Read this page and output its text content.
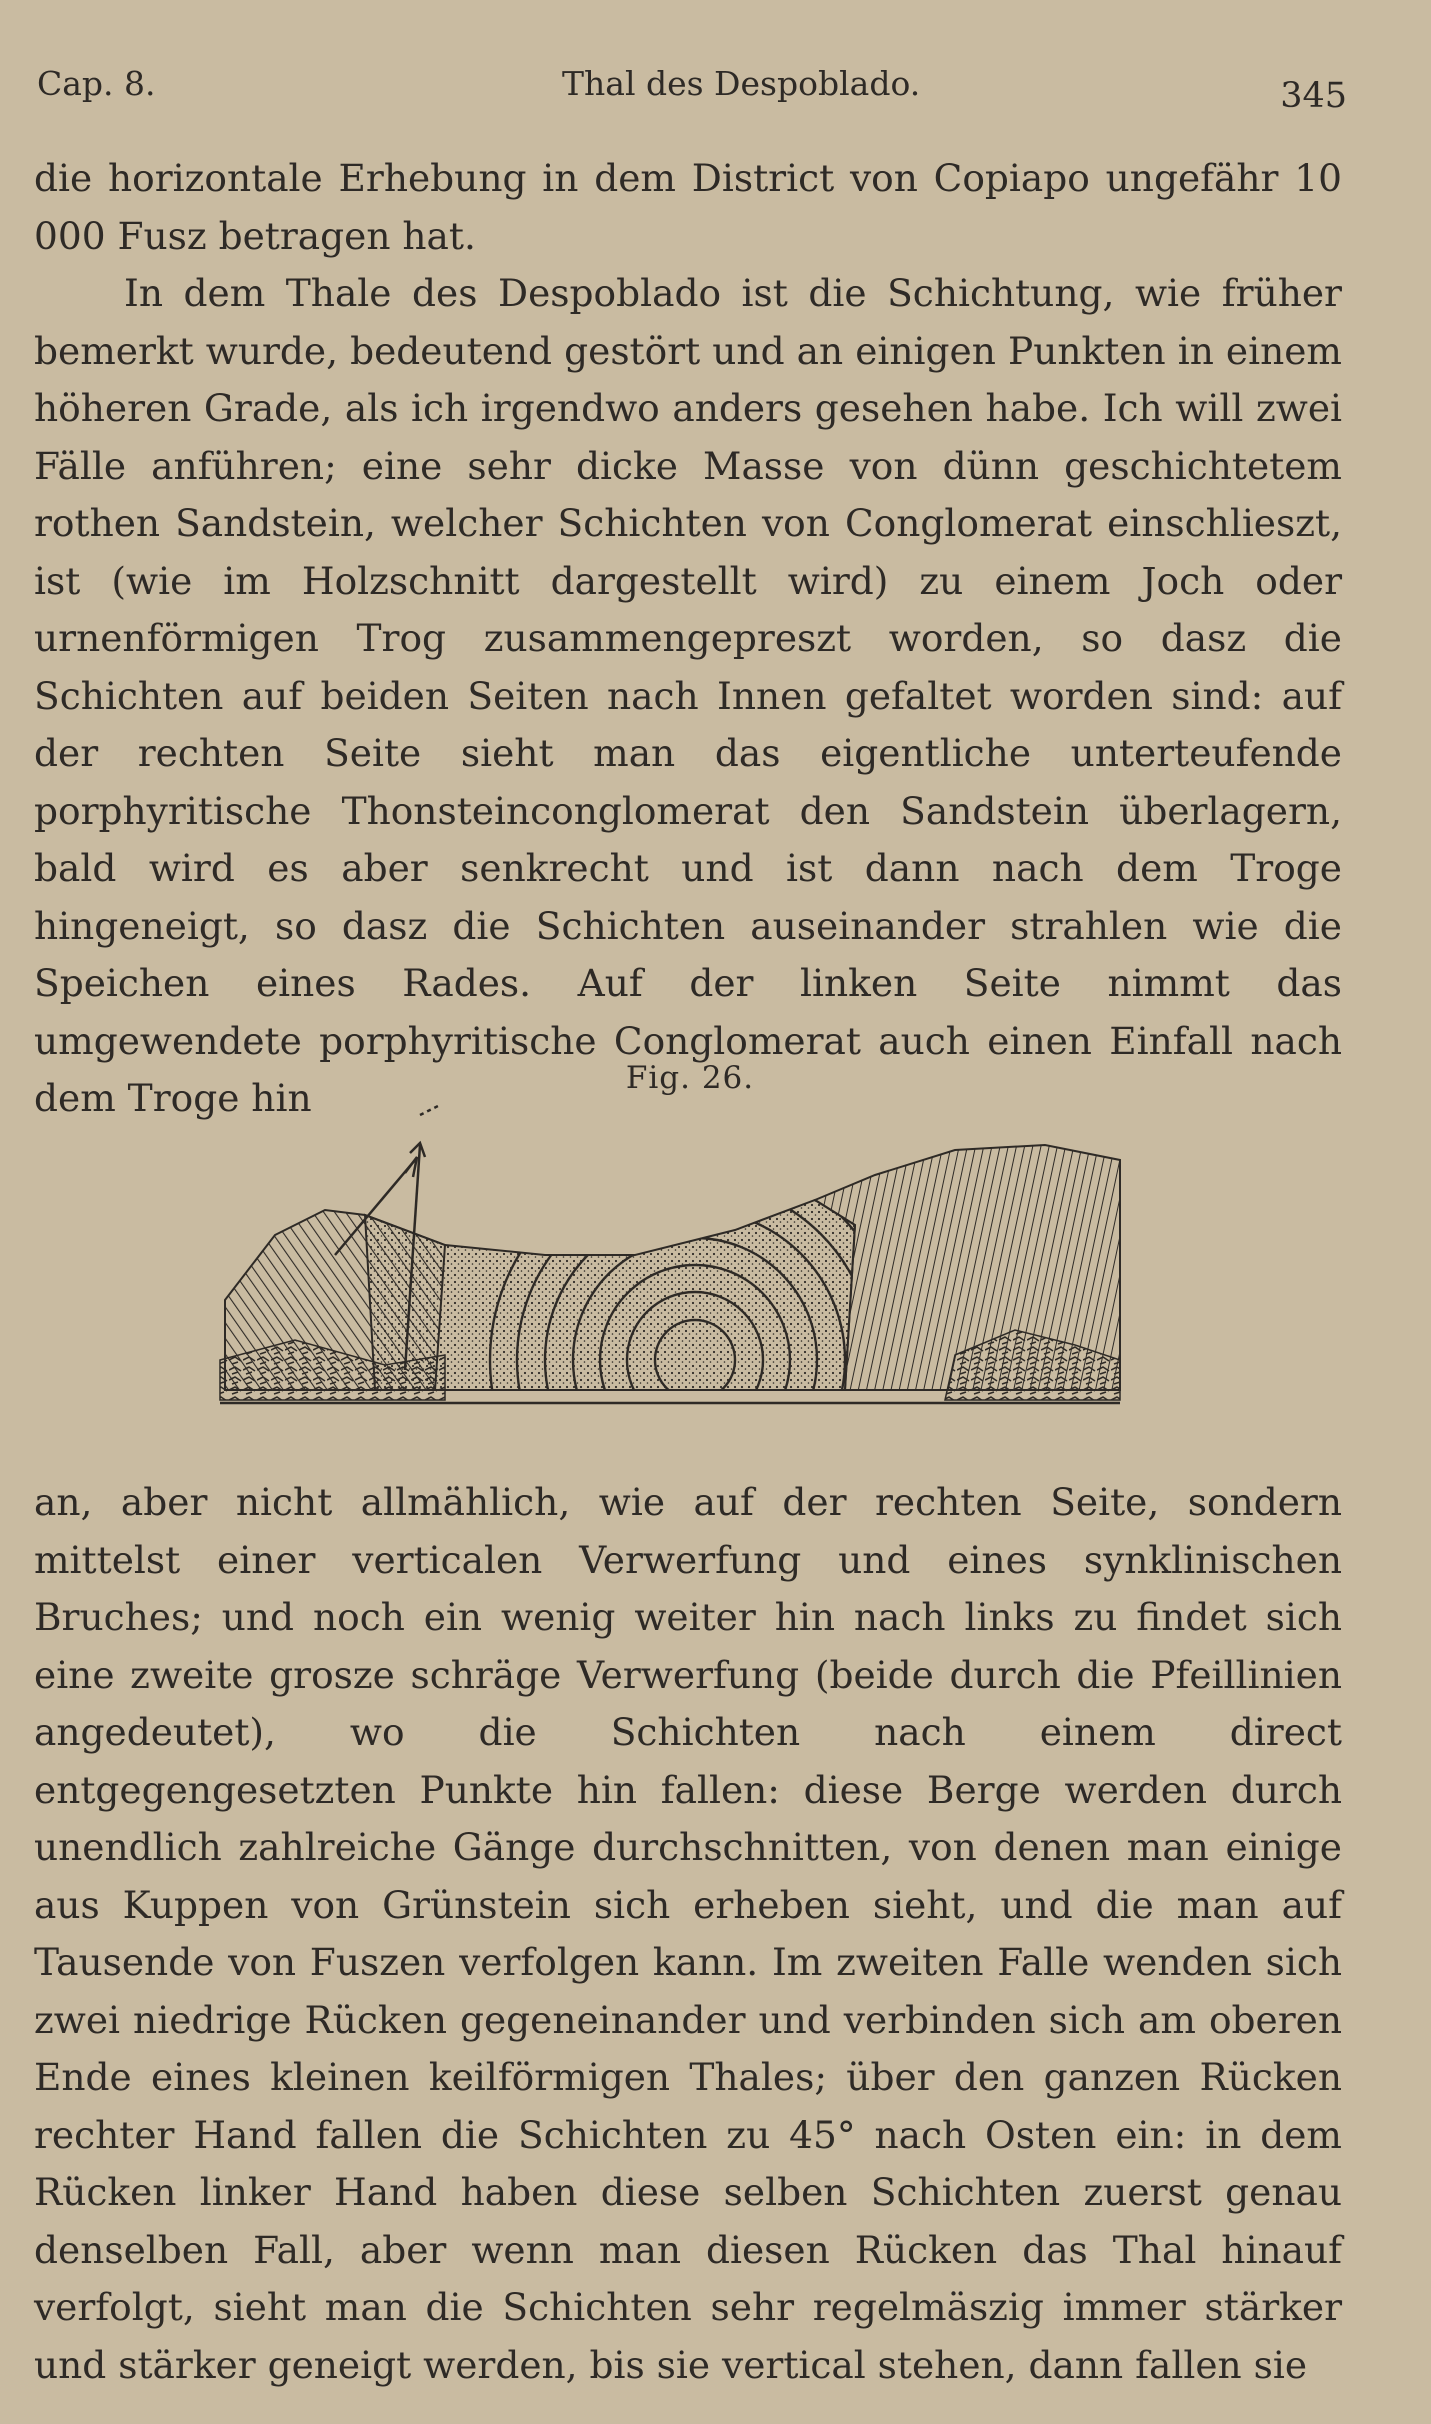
Cap. 8.	Thal des Despoblado.	345

die horizontale Erhebung in dem District von Copiapo ungefähr 10 000 Fusz betragen hat.

In dem Thale des Despoblado ist die Schichtung, wie früher bemerkt wurde, bedeutend gestört und an einigen Punkten in einem höheren Grade, als ich irgendwo anders gesehen habe. Ich will zwei Fälle anführen; eine sehr dicke Masse von dünn geschichtetem rothen Sandstein, welcher Schichten von Conglomerat einschlieszt, ist (wie im Holzschnitt dargestellt wird) zu einem Joch oder urnenförmigen Trog zusammengepreszt worden, so dasz die Schichten auf beiden Seiten nach Innen gefaltet worden sind: auf der rechten Seite sieht man das eigentliche unterteufende porphyritische Thonsteinconglomerat den Sandstein überlagern, bald wird es aber senkrecht und ist dann nach dem Troge hingeneigt, so dasz die Schichten auseinander strahlen wie die Speichen eines Rades. Auf der linken Seite nimmt das umgewendete porphyritische Conglomerat auch einen Einfall nach dem Troge hin	Fig. 26.

an, aber nicht allmählich, wie auf der rechten Seite, sondern mittelst einer verticalen Verwerfung und eines synklinischen Bruches; und noch ein wenig weiter hin nach links zu findet sich eine zweite grosze schräge Verwerfung (beide durch die Pfeillinien angedeutet), wo die Schichten nach einem direct entgegengesetzten Punkte hin fallen: diese Berge werden durch unendlich zahlreiche Gänge durchschnitten, von denen man einige aus Kuppen von Grünstein sich erheben sieht, und die man auf Tausende von Fuszen verfolgen kann. Im zweiten Falle wenden sich zwei niedrige Rücken gegeneinander und verbinden sich am oberen Ende eines kleinen keilförmigen Thales; über den ganzen Rücken rechter Hand fallen die Schichten zu 45° nach Osten ein: in dem Rücken linker Hand haben diese selben Schichten zuerst genau denselben Fall, aber wenn man diesen Rücken das Thal hinauf verfolgt, sieht man die Schichten sehr regelmäszig immer stärker und stärker geneigt werden, bis sie vertical stehen, dann fallen sie
